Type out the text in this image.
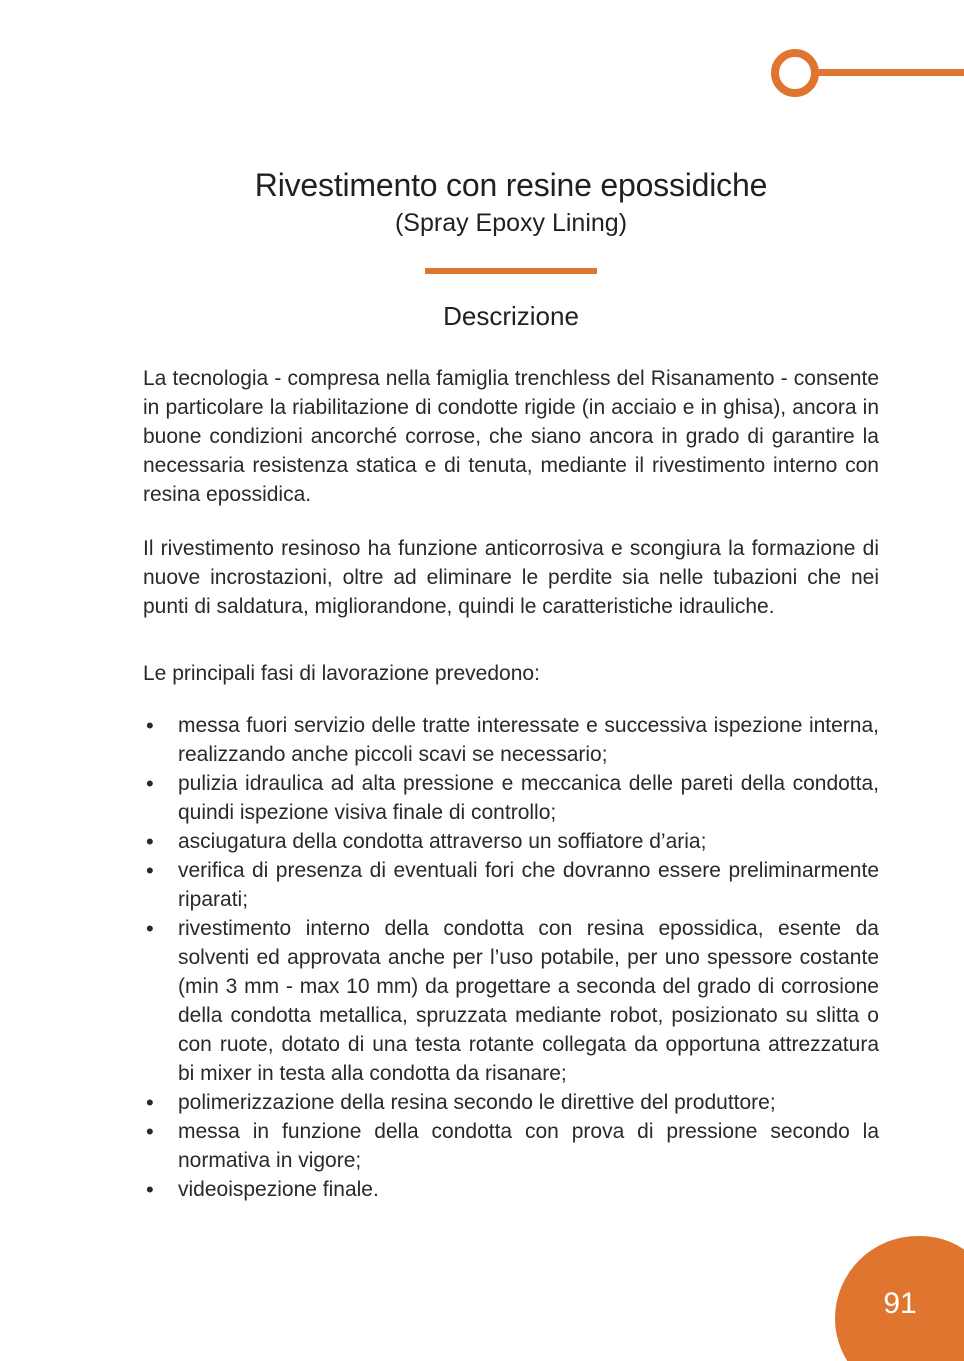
Rivestimento con resine epossidiche
(Spray Epoxy Lining)
Descrizione

La tecnologia - compresa nella famiglia trenchless del Risanamento - consente in particolare la riabilitazione di condotte rigide (in acciaio e in ghisa), ancora in buone condizioni ancorché corrose, che siano ancora in grado di garantire la necessaria resistenza statica e di tenuta, mediante il rivestimento interno con resina epossidica.

Il rivestimento resinoso ha funzione anticorrosiva e scongiura la formazione di nuove incrostazioni, oltre ad eliminare le perdite sia nelle tubazioni che nei punti di saldatura, migliorandone, quindi le caratteristiche idrauliche.

Le principali fasi di lavorazione prevedono:

• messa fuori servizio delle tratte interessate e successiva ispezione interna, realizzando anche piccoli scavi se necessario;
• pulizia idraulica ad alta pressione e meccanica delle pareti della condotta, quindi ispezione visiva finale di controllo;
• asciugatura della condotta attraverso un soffiatore d’aria;
• verifica di presenza di eventuali fori che dovranno essere preliminarmente riparati;
• rivestimento interno della condotta con resina epossidica, esente da solventi ed approvata anche per l’uso potabile, per uno spessore costante (min 3 mm - max 10 mm) da progettare a seconda del grado di corrosione della condotta metallica, spruzzata mediante robot, posizionato su slitta o con ruote, dotato di una testa rotante collegata da opportuna attrezzatura bi mixer in testa alla condotta da risanare;
• polimerizzazione della resina secondo le direttive del produttore;
• messa in funzione della condotta con prova di pressione secondo la normativa in vigore;
• videoispezione finale.
91
